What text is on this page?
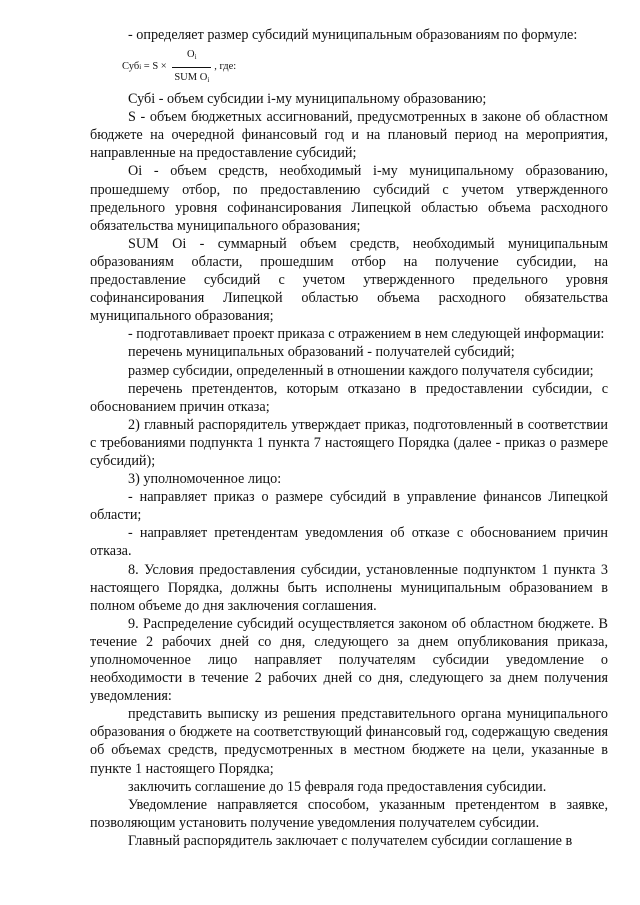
- определяет размер субсидий муниципальным образованиям по формуле:

Суб $i = S \times \frac{O_i}{SUM O_i}$ , где:

Субi - объем субсидии i-му муниципальному образованию;

S - объем бюджетных ассигнований, предусмотренных в законе об областном бюджете на очередной финансовый год и на плановый период на мероприятия, направленные на предоставление субсидий;

Oi - объем средств, необходимый i-му муниципальному образованию, прошедшему отбор, по предоставлению субсидий с учетом утвержденного предельного уровня софинансирования Липецкой областью объема расходного обязательства муниципального образования;

SUM Oi - суммарный объем средств, необходимый муниципальным образованиям области, прошедшим отбор на получение субсидии, на предоставление субсидий с учетом утвержденного предельного уровня софинансирования Липецкой областью объема расходного обязательства муниципального образования;

- подготавливает проект приказа с отражением в нем следующей информации:

перечень муниципальных образований - получателей субсидий;

размер субсидии, определенный в отношении каждого получателя субсидии;

перечень претендентов, которым отказано в предоставлении субсидии, с обоснованием причин отказа;

2) главный распорядитель утверждает приказ, подготовленный в соответствии с требованиями подпункта 1 пункта 7 настоящего Порядка (далее - приказ о размере субсидий);

3) уполномоченное лицо:

- направляет приказ о размере субсидий в управление финансов Липецкой области;

- направляет претендентам уведомления об отказе с обоснованием причин отказа.

8. Условия предоставления субсидии, установленные подпунктом 1 пункта 3 настоящего Порядка, должны быть исполнены муниципальным образованием в полном объеме до дня заключения соглашения.

9. Распределение субсидий осуществляется законом об областном бюджете. В течение 2 рабочих дней со дня, следующего за днем опубликования приказа, уполномоченное лицо направляет получателям субсидии уведомление о необходимости в течение 2 рабочих дней со дня, следующего за днем получения уведомления:

представить выписку из решения представительного органа муниципального образования о бюджете на соответствующий финансовый год, содержащую сведения об объемах средств, предусмотренных в местном бюджете на цели, указанные в пункте 1 настоящего Порядка;

заключить соглашение до 15 февраля года предоставления субсидии.

Уведомление направляется способом, указанным претендентом в заявке, позволяющим установить получение уведомления получателем субсидии.

Главный распорядитель заключает с получателем субсидии соглашение в
